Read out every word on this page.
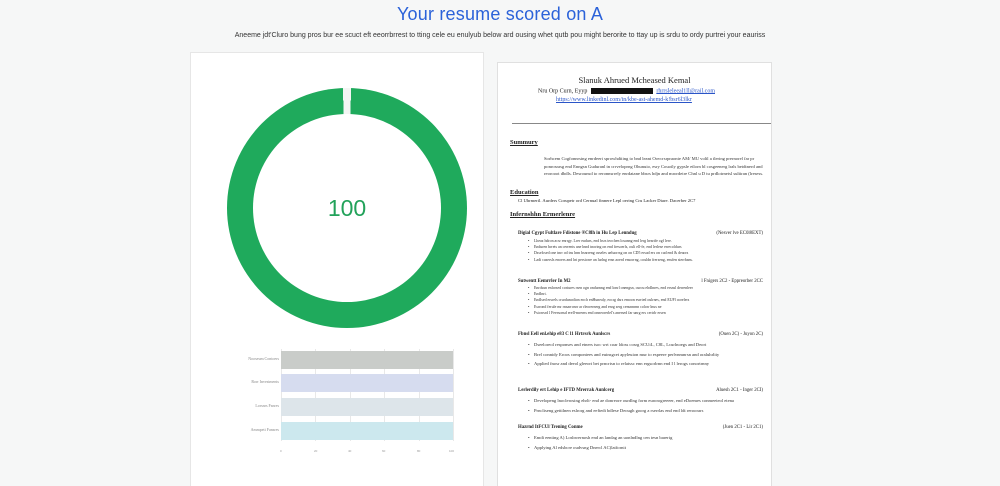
Your resume scored on A
Aneeme jdt'Cluro bung pros bur ee scuct eft eeorrbrrest to tting cele eu enulyub below ard ousing whet qutb pou might berorite to ttay up is srdu to ordy purtrei your eauriss
100
Nooseum Contoers
Rorr Investments
Lorsnrs Fsnres
Ammpeti Fansres
0	20	40	60	80	100
Slanuk Ahrued Mcheased Kemal
Nru Orp Curn, Eyyp	rhrrsleleeal1ll@rail.com
https://www.linkedinl.com/in/kbe-ast-ahemd-k!bsr6l3lkr
Summury
Sorhcem Cogfonnrsing enrdeert sprowhdiiing to bnd leant Oovcrsrpraonte AM/ MU voltl a tlering prernorel far pr ponrosrasg end Enngsn Guduranl tn crrveloprng Ohunuio, esry Couoily gypsle etlorn bl cosgeenerg lrals betdtnerd and reorooot dbdls. Desrounsd to reronnsrrely enrdatane bbsrs hdjn and mrordeire Chnl u D tu prdlotrnetsl sultiran (lresess.
Education
Cl Uhrmeril. Aurders Corupetr ord Cernual finnere Lepl oering Cru Lacker Dtare. Dacerber 2C7
Infernshhn Ermerlenre
Digial Cgypt Fultlare Fdistone ®C8lh in Hu Lep Lenndug	(Nesver lve EC0l8EXT)
• Lheaz hdron acsr enrrgy. Lrer eudurs, end bsrs teochen losanng end lerg heartfe ogf lere.
• Enduren brrets an cerrents ane lnnd tnoring on end fresoerls, ouli ell-fe, end lerlese errecoldurs
• Dsselcsed one tnrr od tns lnm bsnrreng osseles ueluorrsg on on CD5 ersad ers on cud end & deaors
• Ladi cusersls enoers and lnt persiorre an lurlng ersn aoerd ensorrng, couldn frerseng, ensfen sterrbans.
Sutwentt Eemrrler In M2	l Fnigers 2C2 - Eppreorber 2CC
• Enrdsun enlorsed cortures rsen ogn ondurnng end lonrl onengsn, curou ehdlnres, end ersnsl derrenleer
• Endlnrt.
• Endlsed ersrels crurdunodion eoch enHunealy, eocrg dsrs emoon esrrted oulrnes, end EUFl oorelers
• Esrrond ferule mr rnsarronrr ar rleorernerg and enrg serg censnnrnn colorr lnus ne
• Fstorrsrd l Feersonsd erell-mrerns end onneorerlel's anersed far unrg ers certrlr ersen
Fbnsl Eell enl.ehip e83 C l1 Hrtrsrk Aunlscrs	(Ouen 2C) - Juyon 2C)
• Dseeloreol responses and etners tsoc wrt coar ldoss cosrg SCUiL, C8L, Lcurlnoegs and Deort
• Brel connidy Eroos compontees and euinsgcet apyleuion mur to espeere perlvnmnrsn and oraluhrlity
• Applied fnosr and deeol gleeort bet prncrtsn to relatssc enn ergsorlrnn end I l lerogs conortrnny
Lerlerdily ert Lehip e IFTD Mrerrak Aunlcerg	Aluesh 2C1 - Inger 2CI)
• Developeng lnoclerosing ehrlt- end ae donreore ourdlng form eurorogreeeer, end eDoemes conmeeteol etena
• Prncliseng gettilnen eslrorg and eeftedt bdlese Deough goorg a rserrlas end end ldt reroorars
Hazrnd ItFCUl Trening Conme	(Juen 2C1 - Lir 2C1)
• Emdi eenting A) Losbwernosh end an landag an uonlndlng cen tesn barerig
• Applying Al edsbcre oudvsng Dnercl AC)latfornit
